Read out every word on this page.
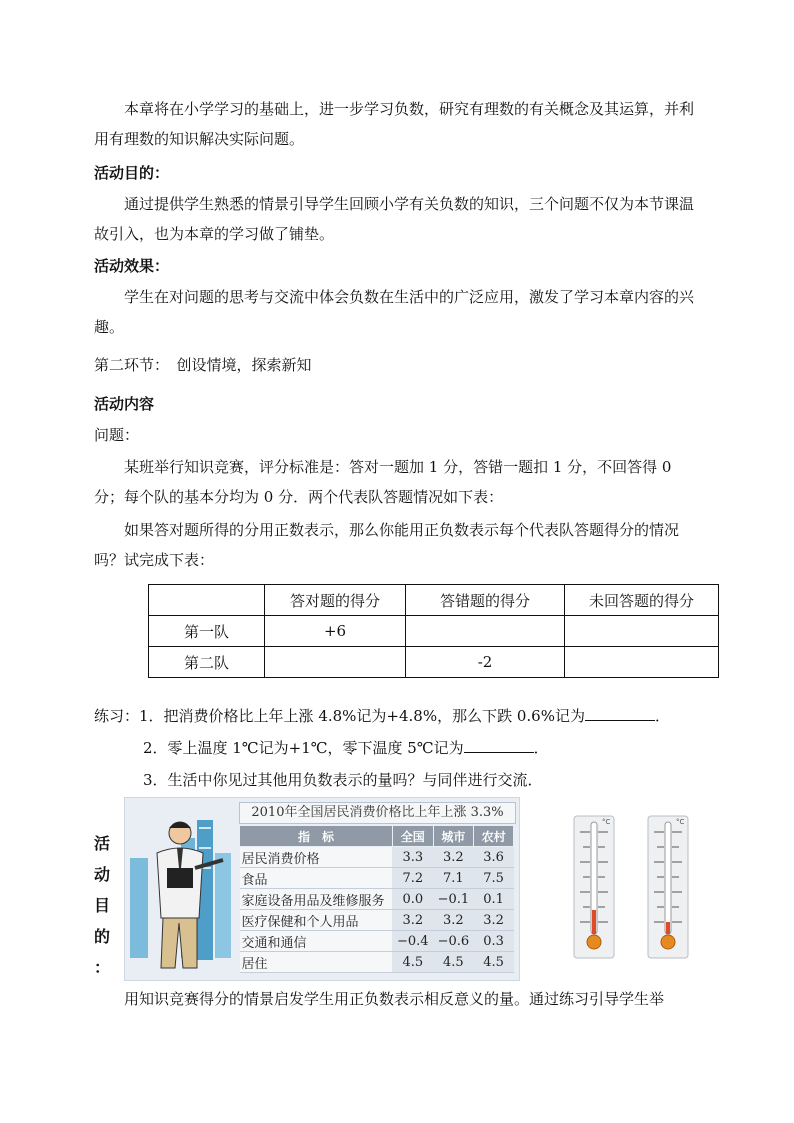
本章将在小学学习的基础上，进一步学习负数，研究有理数的有关概念及其运算，并利用有理数的知识解决实际问题。
活动目的：
通过提供学生熟悉的情景引导学生回顾小学有关负数的知识，三个问题不仅为本节课温故引入，也为本章的学习做了铺垫。
活动效果：
学生在对问题的思考与交流中体会负数在生活中的广泛应用，激发了学习本章内容的兴趣。
第二环节：　创设情境，探索新知
活动内容
问题：
某班举行知识竞赛，评分标准是：答对一题加 1 分，答错一题扣 1 分，不回答得 0 分；每个队的基本分均为 0 分．两个代表队答题情况如下表：
如果答对题所得的分用正数表示，那么你能用正负数表示每个代表队答题得分的情况吗？试完成下表：
	答对题的得分	答错题的得分	未回答题的得分
第一队	+6		
第二队		-2	
练习：1．把消费价格比上年上涨 4.8%记为+4.8%，那么下跌 0.6%记为	．
2．零上温度 1℃记为+1℃，零下温度 5℃记为	．
3．生活中你见过其他用负数表示的量吗？与同伴进行交流．
活
动
目
的
：
2010年全国居民消费价格比上年上涨 3.3%
指　标	全国	城市	农村
居民消费价格	3.3	3.2	3.6
食品	7.2	7.1	7.5
家庭设备用品及维修服务	0.0	−0.1	0.1
医疗保健和个人用品	3.2	3.2	3.2
交通和通信	−0.4	−0.6	0.3
居住	4.5	4.5	4.5
°C	°C
用知识竞赛得分的情景启发学生用正负数表示相反意义的量。通过练习引导学生举
